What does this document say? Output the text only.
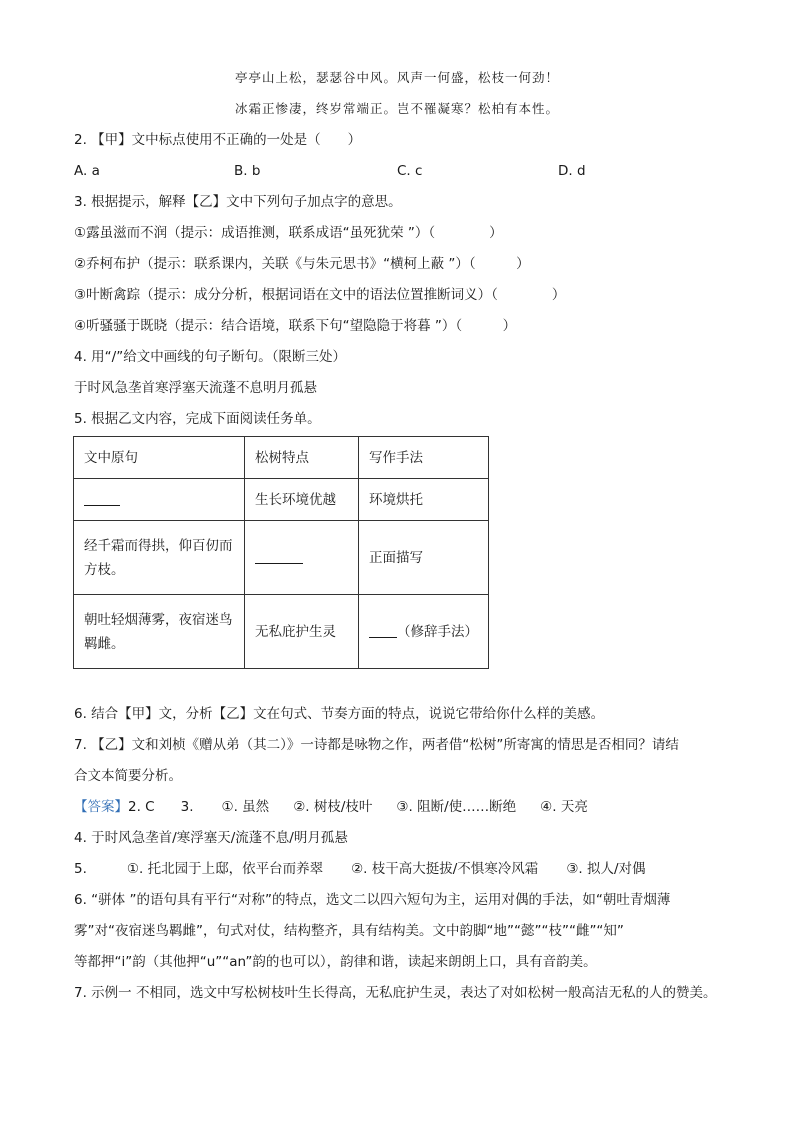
亭亭山上松，瑟瑟谷中风。风声一何盛，松枝一何劲！
冰霜正惨凄，终岁常端正。岂不罹凝寒？松柏有本性。
2. 【甲】文中标点使用不正确的一处是（　　）
A. a	B. b	C. c	D. d
3. 根据提示，解释【乙】文中下列句子加点字的意思。
①露虽滋而不润（提示：成语推测，联系成语“虽死犹荣 ”）（　　　　）
②乔柯布护（提示：联系课内，关联《与朱元思书》“横柯上蔽 ”）（　　　）
③叶断禽踪（提示：成分分析，根据词语在文中的语法位置推断词义）（　　　　）
④听骚骚于既晓（提示：结合语境，联系下句“望隐隐于将暮 ”）（　　　）
4. 用“/”给文中画线的句子断句。（限断三处）
于时风急垄首寒浮塞天流蓬不息明月孤悬
5. 根据乙文内容，完成下面阅读任务单。
文中原句	松树特点	写作手法
	生长环境优越	环境烘托
经千霜而得拱，仰百仞而方枝。		正面描写
朝吐轻烟薄雾，夜宿迷鸟羁雌。	无私庇护生灵	（修辞手法）
6. 结合【甲】文，分析【乙】文在句式、节奏方面的特点，说说它带给你什么样的美感。
7. 【乙】文和刘桢《赠从弟（其二）》一诗都是咏物之作，两者借“松树”所寄寓的情思是否相同？请结
合文本简要分析。
【答案】2. C 3. ①. 虽然 ②. 树枝/枝叶 ③. 阻断/使……断绝 ④. 天亮
4. 于时风急垄首/寒浮塞天/流蓬不息/明月孤悬
5.	①. 托北园于上邸，依平台而养翠 ②. 枝干高大挺拔/不惧寒冷风霜 ③. 拟人/对偶
6. “骈体 ”的语句具有平行“对称”的特点，选文二以四六短句为主，运用对偶的手法，如“朝吐青烟薄
雾”对“夜宿迷鸟羁雌”，句式对仗，结构整齐，具有结构美。文中韵脚“地”“懿”“枝”“雌”“知”
等都押“i”韵（其他押“u”“an”韵的也可以），韵律和谐，读起来朗朗上口，具有音韵美。
7. 示例一 不相同，选文中写松树枝叶生长得高，无私庇护生灵，表达了对如松树一般高洁无私的人的赞美。
